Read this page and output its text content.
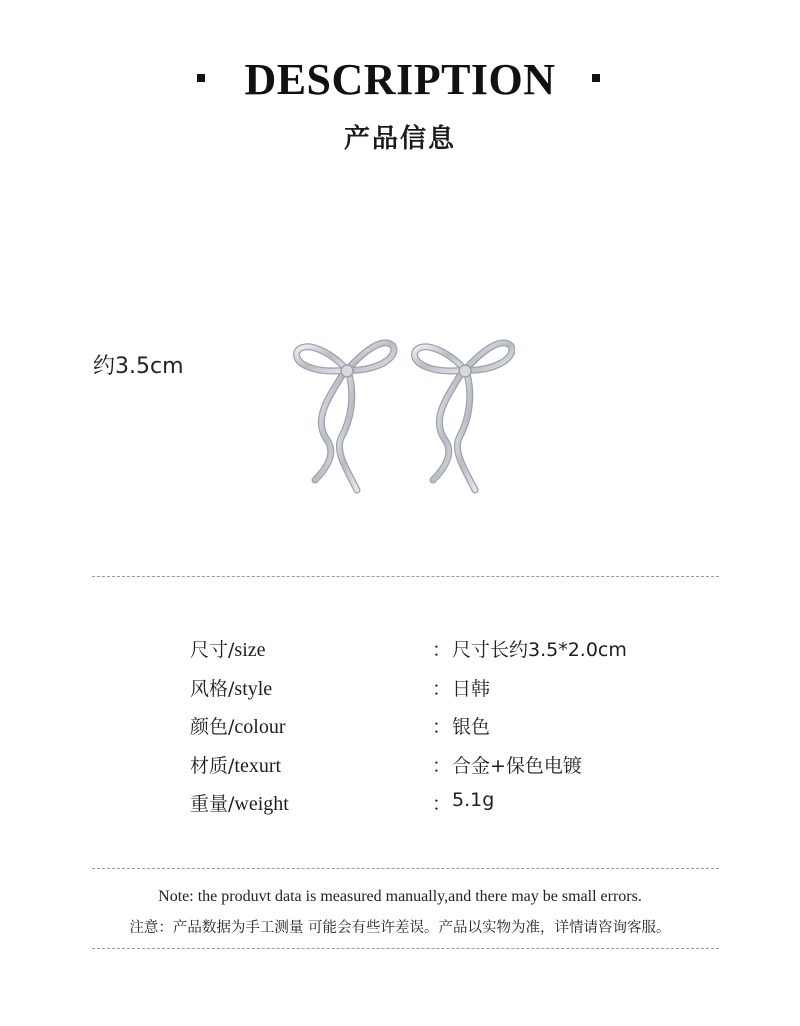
DESCRIPTION
产品信息
约3.5cm
尺寸/size	： 尺寸长约3.5*2.0cm
风格/style	： 日韩
颜色/colour	： 银色
材质/texurt	： 合金+保色电镀
重量/weight	： 5.1g
Note: the produvt data is measured manually,and there may be small errors.
注意：产品数据为手工测量 可能会有些许差误。产品以实物为准，详情请咨询客服。
